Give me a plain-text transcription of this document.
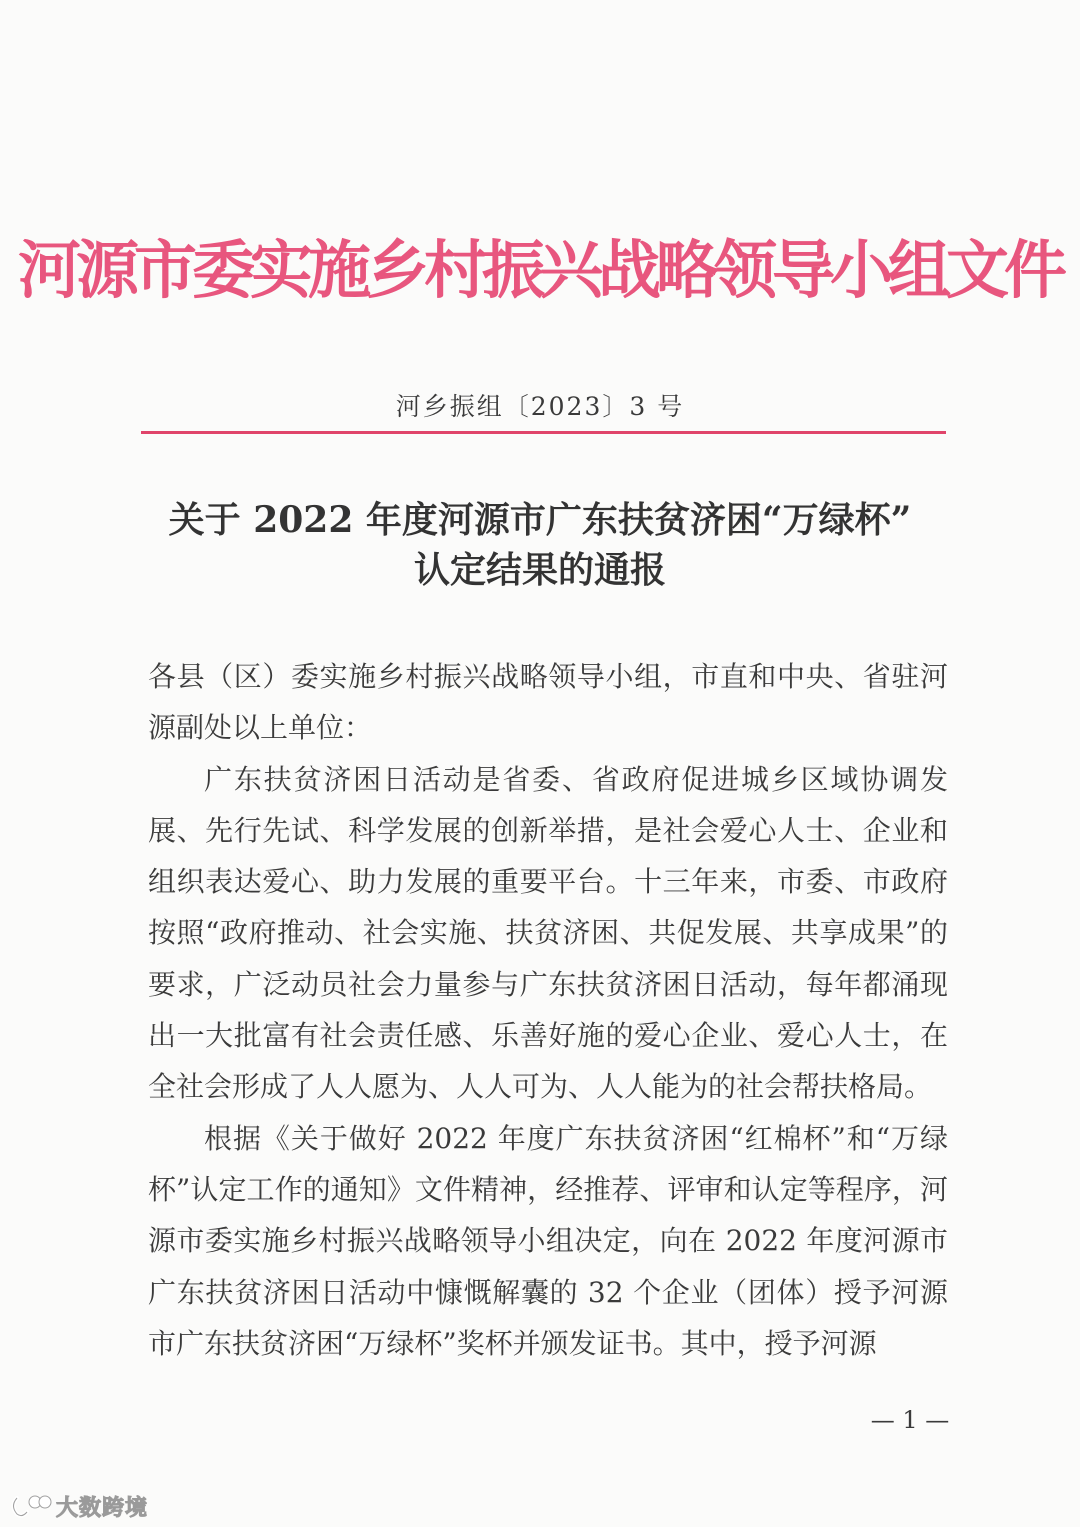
河源市委实施乡村振兴战略领导小组文件
河乡振组〔2023〕3 号
关于 2022 年度河源市广东扶贫济困“万绿杯”
认定结果的通报

各县（区）委实施乡村振兴战略领导小组，市直和中央、省驻河源副处以上单位：

广东扶贫济困日活动是省委、省政府促进城乡区域协调发展、先行先试、科学发展的创新举措，是社会爱心人士、企业和组织表达爱心、助力发展的重要平台。十三年来，市委、市政府按照“政府推动、社会实施、扶贫济困、共促发展、共享成果”的要求，广泛动员社会力量参与广东扶贫济困日活动，每年都涌现出一大批富有社会责任感、乐善好施的爱心企业、爱心人士，在全社会形成了人人愿为、人人可为、人人能为的社会帮扶格局。

根据《关于做好 2022 年度广东扶贫济困“红棉杯”和“万绿杯”认定工作的通知》文件精神，经推荐、评审和认定等程序，河源市委实施乡村振兴战略领导小组决定，向在 2022 年度河源市广东扶贫济困日活动中慷慨解囊的 32 个企业（团体）授予河源市广东扶贫济困“万绿杯”奖杯并颁发证书。其中，授予河源

— 1 —
大数跨境
